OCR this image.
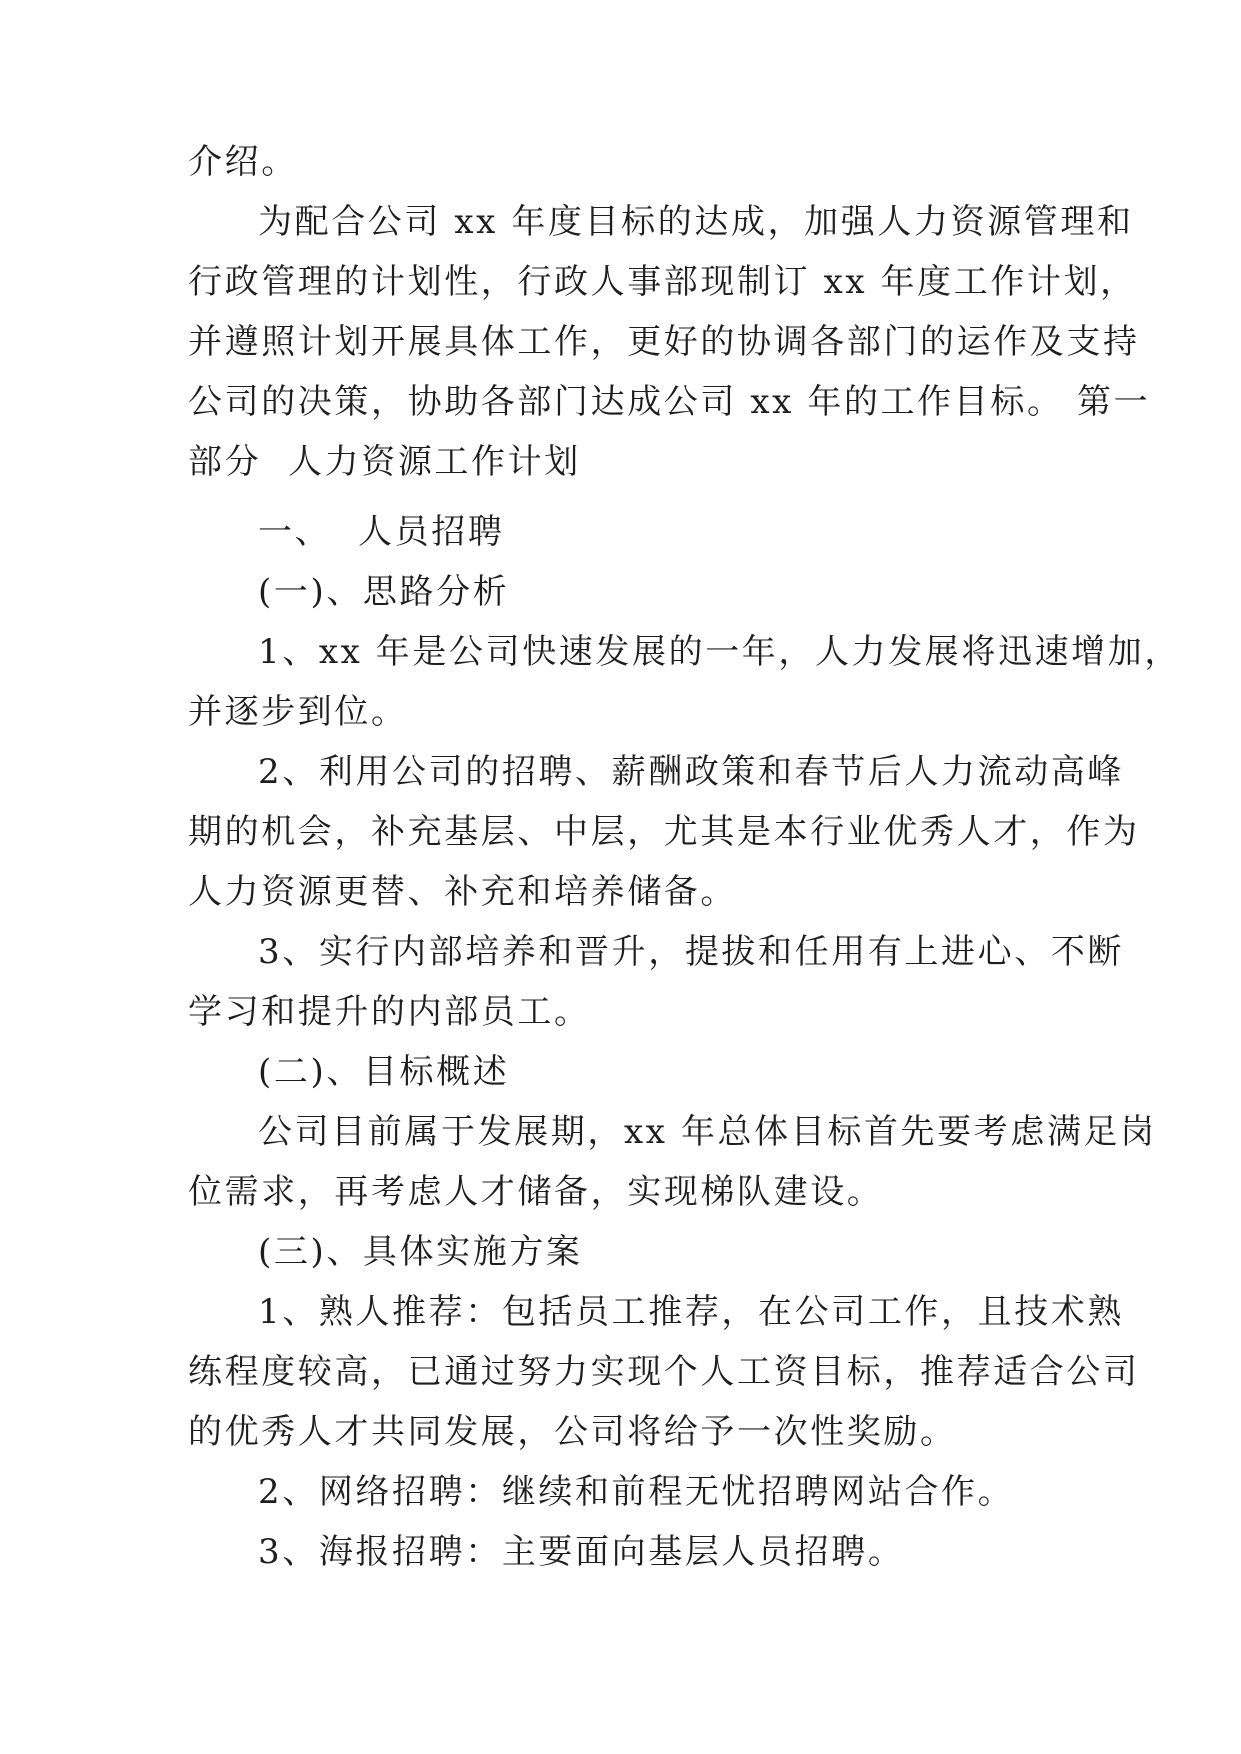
介绍。
为配合公司 xx 年度目标的达成，加强人力资源管理和
行政管理的计划性，行政人事部现制订 xx 年度工作计划，
并遵照计划开展具体工作，更好的协调各部门的运作及支持
公司的决策，协助各部门达成公司 xx 年的工作目标。 第一
部分  人力资源工作计划
一、  人员招聘
(一)、思路分析
1、xx 年是公司快速发展的一年，人力发展将迅速增加，
并逐步到位。
2、利用公司的招聘、薪酬政策和春节后人力流动高峰
期的机会，补充基层、中层，尤其是本行业优秀人才，作为
人力资源更替、补充和培养储备。
3、实行内部培养和晋升，提拔和任用有上进心、不断
学习和提升的内部员工。
(二)、目标概述
公司目前属于发展期，xx 年总体目标首先要考虑满足岗
位需求，再考虑人才储备，实现梯队建设。
(三)、具体实施方案
1、熟人推荐：包括员工推荐，在公司工作，且技术熟
练程度较高，已通过努力实现个人工资目标，推荐适合公司
的优秀人才共同发展，公司将给予一次性奖励。
2、网络招聘：继续和前程无忧招聘网站合作。
3、海报招聘：主要面向基层人员招聘。
